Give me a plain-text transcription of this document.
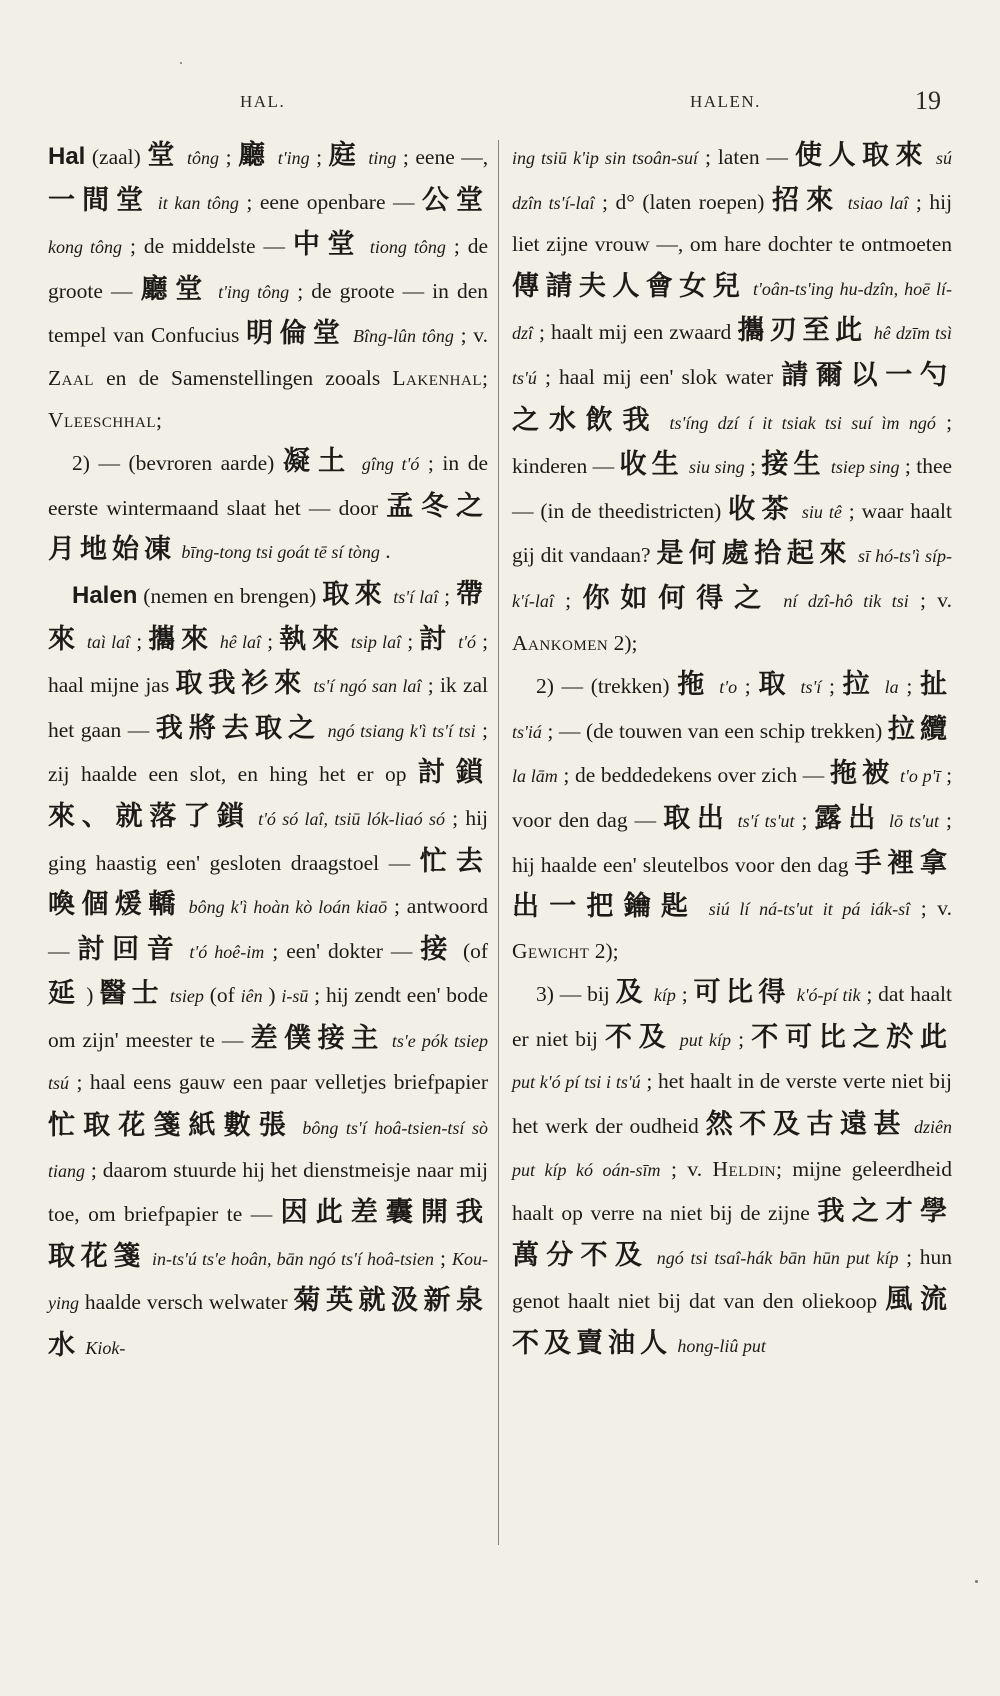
HAL.	HALEN.	19

Hal (zaal) 堂 tông ; 廳 t'ing ; 庭 ting ; eene —, 一間堂 it kan tông ; eene openbare — 公堂 kong tông ; de middelste — 中堂 tiong tông ; de groote — 廳堂 t'ing tông ; de groote — in den tempel van Confucius 明倫堂 Bîng-lûn tông ; v. Zaal en de Samenstellingen zooals Lakenhal; Vleeschhal;

2) — (bevroren aarde) 凝土 gîng t'ó ; in de eerste wintermaand slaat het — door 孟冬之月地始凍 bīng-tong tsi goát tē sí tòng .

Halen (nemen en brengen) 取來 ts'í laî ; 帶來 taì laî ; 攜來 hê laî ; 執來 tsip laî ; 討 t'ó ; haal mijne jas 取我衫來 ts'í ngó san laî ; ik zal het gaan — 我將去取之 ngó tsiang k'ì ts'í tsi ; zij haalde een slot, en hing het er op 討鎖來、就落了鎖 t'ó só laî, tsiū lók-liaó só ; hij ging haastig een' gesloten draagstoel — 忙去喚個煖轎 bông k'ì hoàn kò loán kiaō ; antwoord — 討回音 t'ó hoê-im ; een' dokter — 接 (of 延 ) 醫士 tsiep (of iên ) i-sū ; hij zendt een' bode om zijn' meester te — 差僕接主 ts'e pók tsiep tsú ; haal eens gauw een paar velletjes briefpapier 忙取花箋紙數張 bông ts'í hoâ-tsien-tsí sò tiang ; daarom stuurde hij het dienstmeisje naar mij toe, om briefpapier te — 因此差囊開我取花箋 in-ts'ú ts'e hoân, bān ngó ts'í hoâ-tsien ; Kou-ying haalde versch welwater 菊英就汲新泉水 Kiok-

ing tsiū k'ip sin tsoân-suí ; laten — 使人取來 sú dzîn ts'í-laî ; d° (laten roepen) 招來 tsiao laî ; hij liet zijne vrouw —, om hare dochter te ontmoeten 傳請夫人會女兒 t'oân-ts'ing hu-dzîn, hoē lí-dzî ; haalt mij een zwaard 攜刃至此 hê dzīm tsì ts'ú ; haal mij een' slok water 請爾以一勺之水飲我 ts'íng dzí í it tsiak tsi suí ìm ngó ; kinderen — 收生 siu sing ; 接生 tsiep sing ; thee — (in de theedistricten) 收茶 siu tê ; waar haalt gij dit vandaan? 是何處拾起來 sī hó-ts'ì síp-k'í-laî ; 你如何得之 ní dzî-hô tik tsi ; v. Aankomen 2);

2) — (trekken) 拖 t'o ; 取 ts'í ; 拉 la ; 扯 ts'iá ; — (de touwen van een schip trekken) 拉纜 la lām ; de beddedekens over zich — 拖被 t'o p'ī ; voor den dag — 取出 ts'í ts'ut ; 露出 lō ts'ut ; hij haalde een' sleutelbos voor den dag 手裡拿出一把鑰匙 siú lí ná-ts'ut it pá iák-sî ; v. Gewicht 2);

3) — bij 及 kíp ; 可比得 k'ó-pí tik ; dat haalt er niet bij 不及 put kíp ; 不可比之於此 put k'ó pí tsi i ts'ú ; het haalt in de verste verte niet bij het werk der oudheid 然不及古遠甚 dziên put kíp kó oán-sīm ; v. Heldin; mijne geleerdheid haalt op verre na niet bij de zijne 我之才學萬分不及 ngó tsi tsaî-hák bān hūn put kíp ; hun genot haalt niet bij dat van den oliekoop 風流不及賣油人 hong-liû put
